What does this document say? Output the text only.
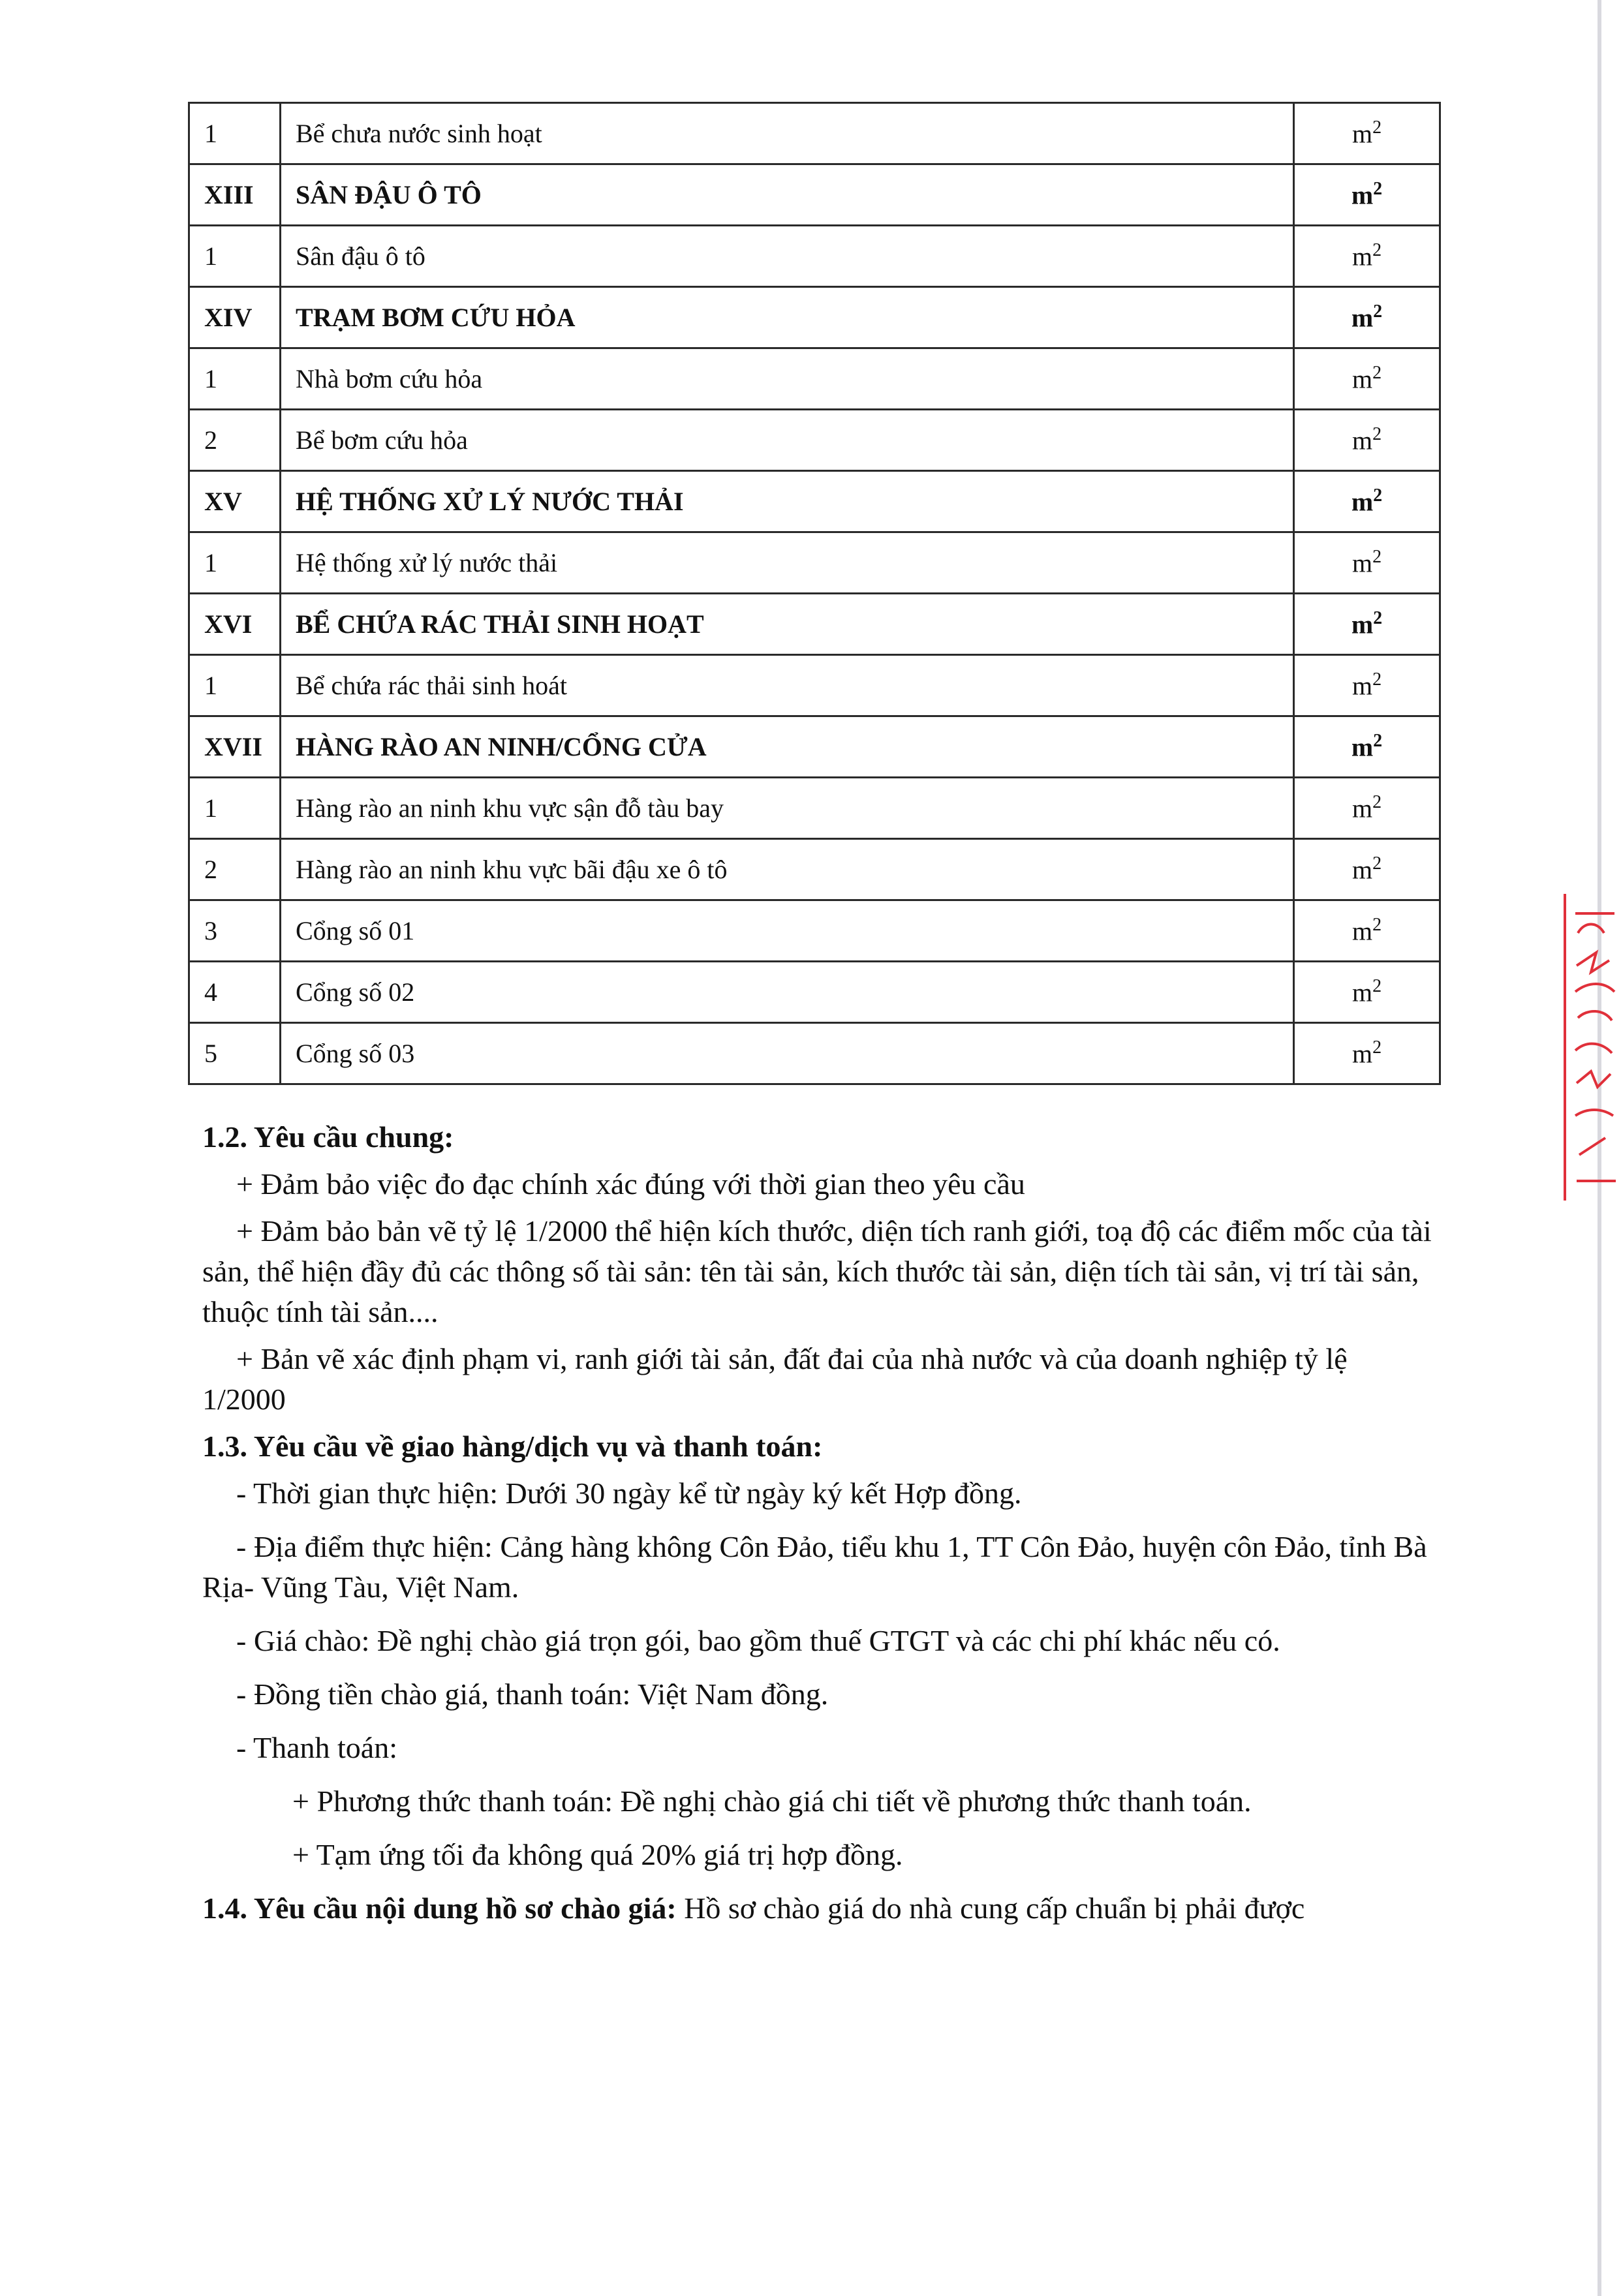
1	Bể chưa nước sinh hoạt	$m^2$
XIII	SÂN ĐẬU Ô TÔ	$m^2$
1	Sân đậu ô tô	$m^2$
XIV	TRẠM BƠM CỨU HỎA	$m^2$
1	Nhà bơm cứu hỏa	$m^2$
2	Bể bơm cứu hỏa	$m^2$
XV	HỆ THỐNG XỬ LÝ NƯỚC THẢI	$m^2$
1	Hệ thống xử lý nước thải	$m^2$
XVI	BỂ CHỨA RÁC THẢI SINH HOẠT	$m^2$
1	Bể chứa rác thải sinh hoát	$m^2$
XVII	HÀNG RÀO AN NINH/CỔNG CỬA	$m^2$
1	Hàng rào an ninh khu vực sận đỗ tàu bay	$m^2$
2	Hàng rào an ninh khu vực bãi đậu xe ô tô	$m^2$
3	Cổng số 01	$m^2$
4	Cổng số 02	$m^2$
5	Cổng số 03	$m^2$

1.2. Yêu cầu chung:

+ Đảm bảo việc đo đạc chính xác đúng với thời gian theo yêu cầu

+ Đảm bảo bản vẽ tỷ lệ 1/2000 thể hiện kích thước, diện tích ranh giới, toạ độ các điểm mốc của tài sản, thể hiện đầy đủ các thông số tài sản: tên tài sản, kích thước tài sản, diện tích tài sản, vị trí tài sản, thuộc tính tài sản....

+ Bản vẽ xác định phạm vi, ranh giới tài sản, đất đai của nhà nước và của doanh nghiệp tỷ lệ 1/2000

1.3. Yêu cầu về giao hàng/dịch vụ và thanh toán:

- Thời gian thực hiện: Dưới 30 ngày kể từ ngày ký kết Hợp đồng.

- Địa điểm thực hiện: Cảng hàng không Côn Đảo, tiểu khu 1, TT Côn Đảo, huyện côn Đảo, tỉnh Bà Rịa- Vũng Tàu, Việt Nam.

- Giá chào: Đề nghị chào giá trọn gói, bao gồm thuế GTGT và các chi phí khác nếu có.

- Đồng tiền chào giá, thanh toán: Việt Nam đồng.

- Thanh toán:

+ Phương thức thanh toán: Đề nghị chào giá chi tiết về phương thức thanh toán.

+ Tạm ứng tối đa không quá 20% giá trị hợp đồng.

1.4. Yêu cầu nội dung hồ sơ chào giá: Hồ sơ chào giá do nhà cung cấp chuẩn bị phải được
